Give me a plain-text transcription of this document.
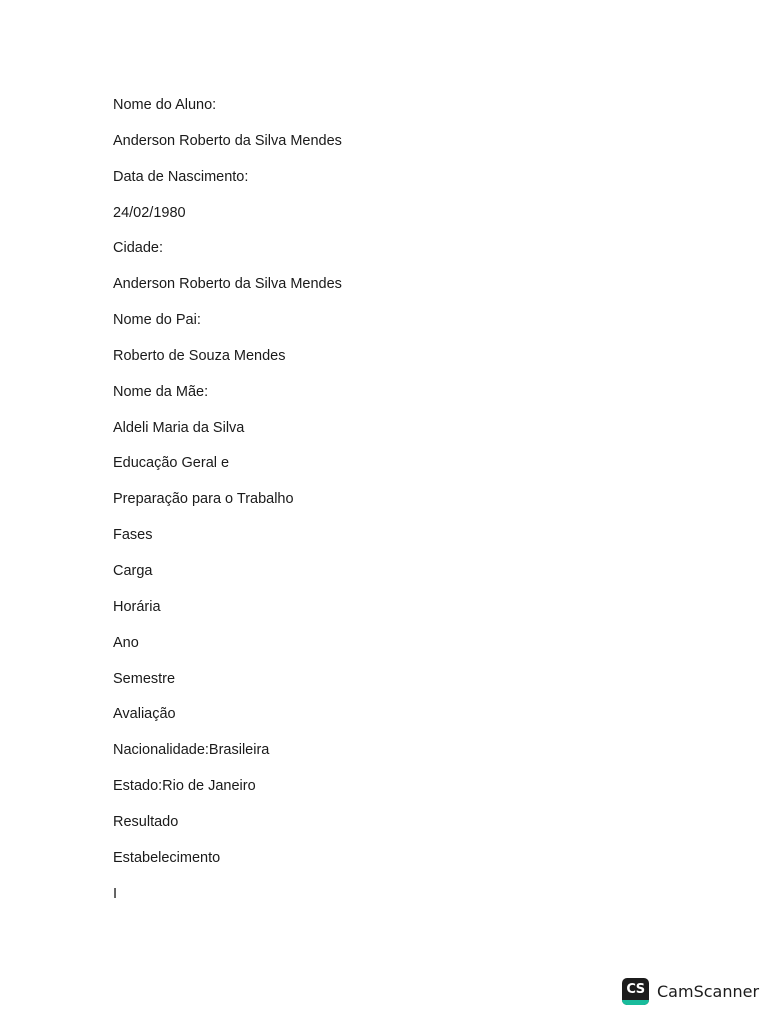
Nome do Aluno:
Anderson Roberto da Silva Mendes
Data de Nascimento:
24/02/1980
Cidade:
Anderson Roberto da Silva Mendes
Nome do Pai:
Roberto de Souza Mendes
Nome da Mãe:
Aldeli Maria da Silva
Educação Geral e
Preparação para o Trabalho
Fases
Carga
Horária
Ano
Semestre
Avaliação
Nacionalidade:Brasileira
Estado:Rio de Janeiro
Resultado
Estabelecimento
I
CS CamScanner
